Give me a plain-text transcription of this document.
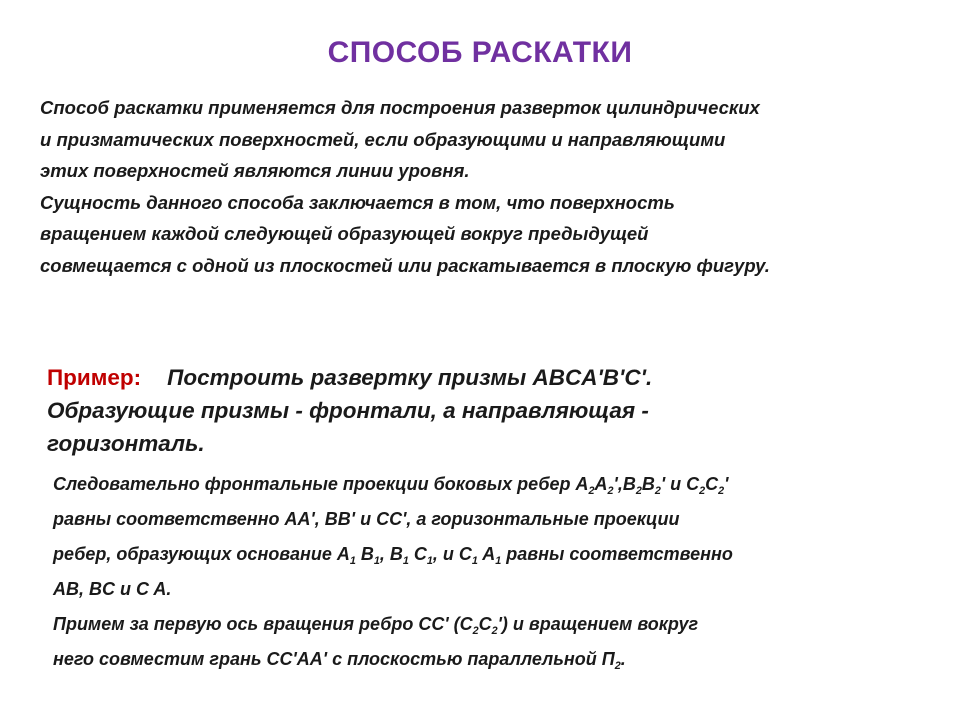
СПОСОБ РАСКАТКИ
Способ раскатки применяется для построения разверток цилиндрических
и призматических поверхностей, если образующими и направляющими
этих поверхностей являются линии уровня.
Сущность данного способа заключается в том, что поверхность
вращением каждой следующей образующей вокруг предыдущей
совмещается с одной из плоскостей или раскатывается в плоскую фигуру.
Пример: Построить развертку призмы ABCA'B'C'.
Образующие призмы - фронтали, а направляющая -
горизонталь.
Следовательно фронтальные проекции боковых ребер $A_2A_2',B_2B_2'$ и $C_2C_2'$
равны соответственно AA', BB' и CC', а горизонтальные проекции
ребер, образующих основание $A_1$ $B_1$, $B_1$ $C_1$, и $C_1$ $A_1$ равны соответственно
AB, BC и C A.
Примем за первую ось вращения ребро CC' $(C_2C_2')$ и вращением вокруг
него совместим грань CC'AA' с плоскостью параллельной $П_2$.
